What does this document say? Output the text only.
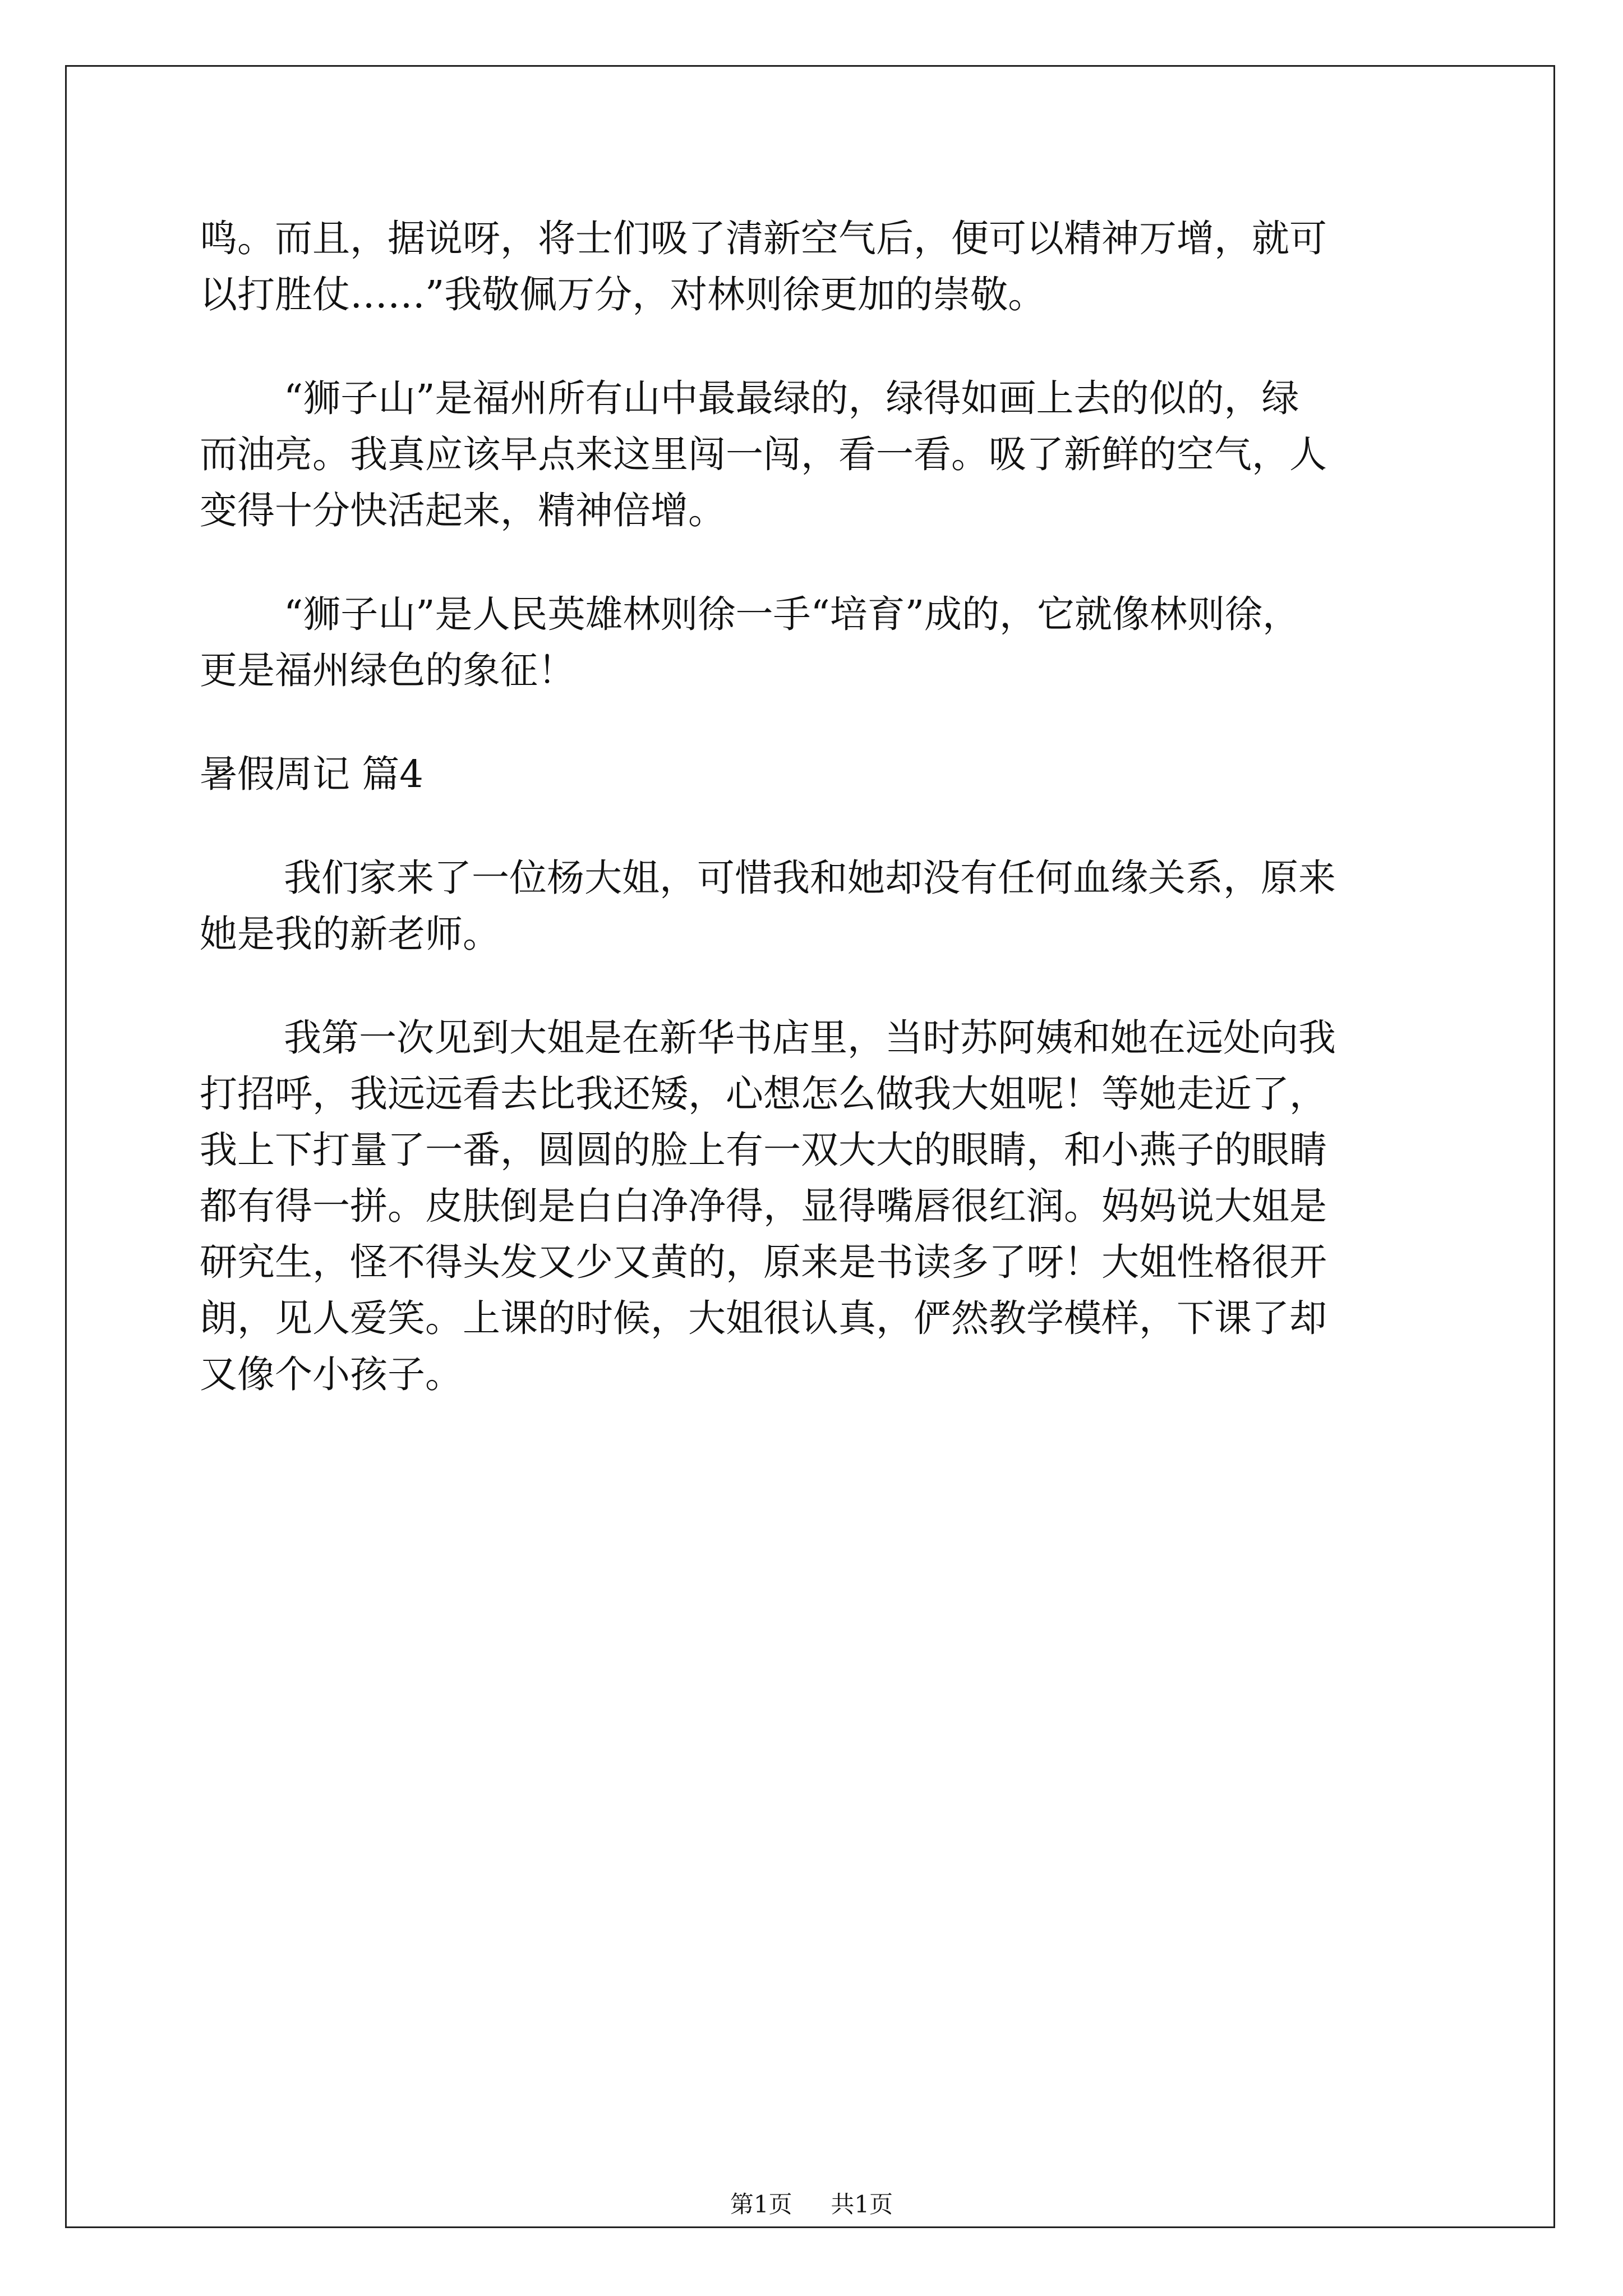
鸣。而且，据说呀，将士们吸了清新空气后，便可以精神万增，就可

以打胜仗……”我敬佩万分，对林则徐更加的崇敬。

“狮子山”是福州所有山中最最绿的，绿得如画上去的似的，绿

而油亮。我真应该早点来这里闯一闯，看一看。吸了新鲜的空气，人

变得十分快活起来，精神倍增。

“狮子山”是人民英雄林则徐一手“培育”成的，它就像林则徐，

更是福州绿色的象征！

暑假周记 篇4

我们家来了一位杨大姐，可惜我和她却没有任何血缘关系，原来

她是我的新老师。

我第一次见到大姐是在新华书店里，当时苏阿姨和她在远处向我

打招呼，我远远看去比我还矮，心想怎么做我大姐呢！等她走近了，

我上下打量了一番，圆圆的脸上有一双大大的眼睛，和小燕子的眼睛

都有得一拼。皮肤倒是白白净净得，显得嘴唇很红润。妈妈说大姐是

研究生，怪不得头发又少又黄的，原来是书读多了呀！大姐性格很开

朗，见人爱笑。上课的时候，大姐很认真，俨然教学模样，下课了却

又像个小孩子。

第1页 共1页
